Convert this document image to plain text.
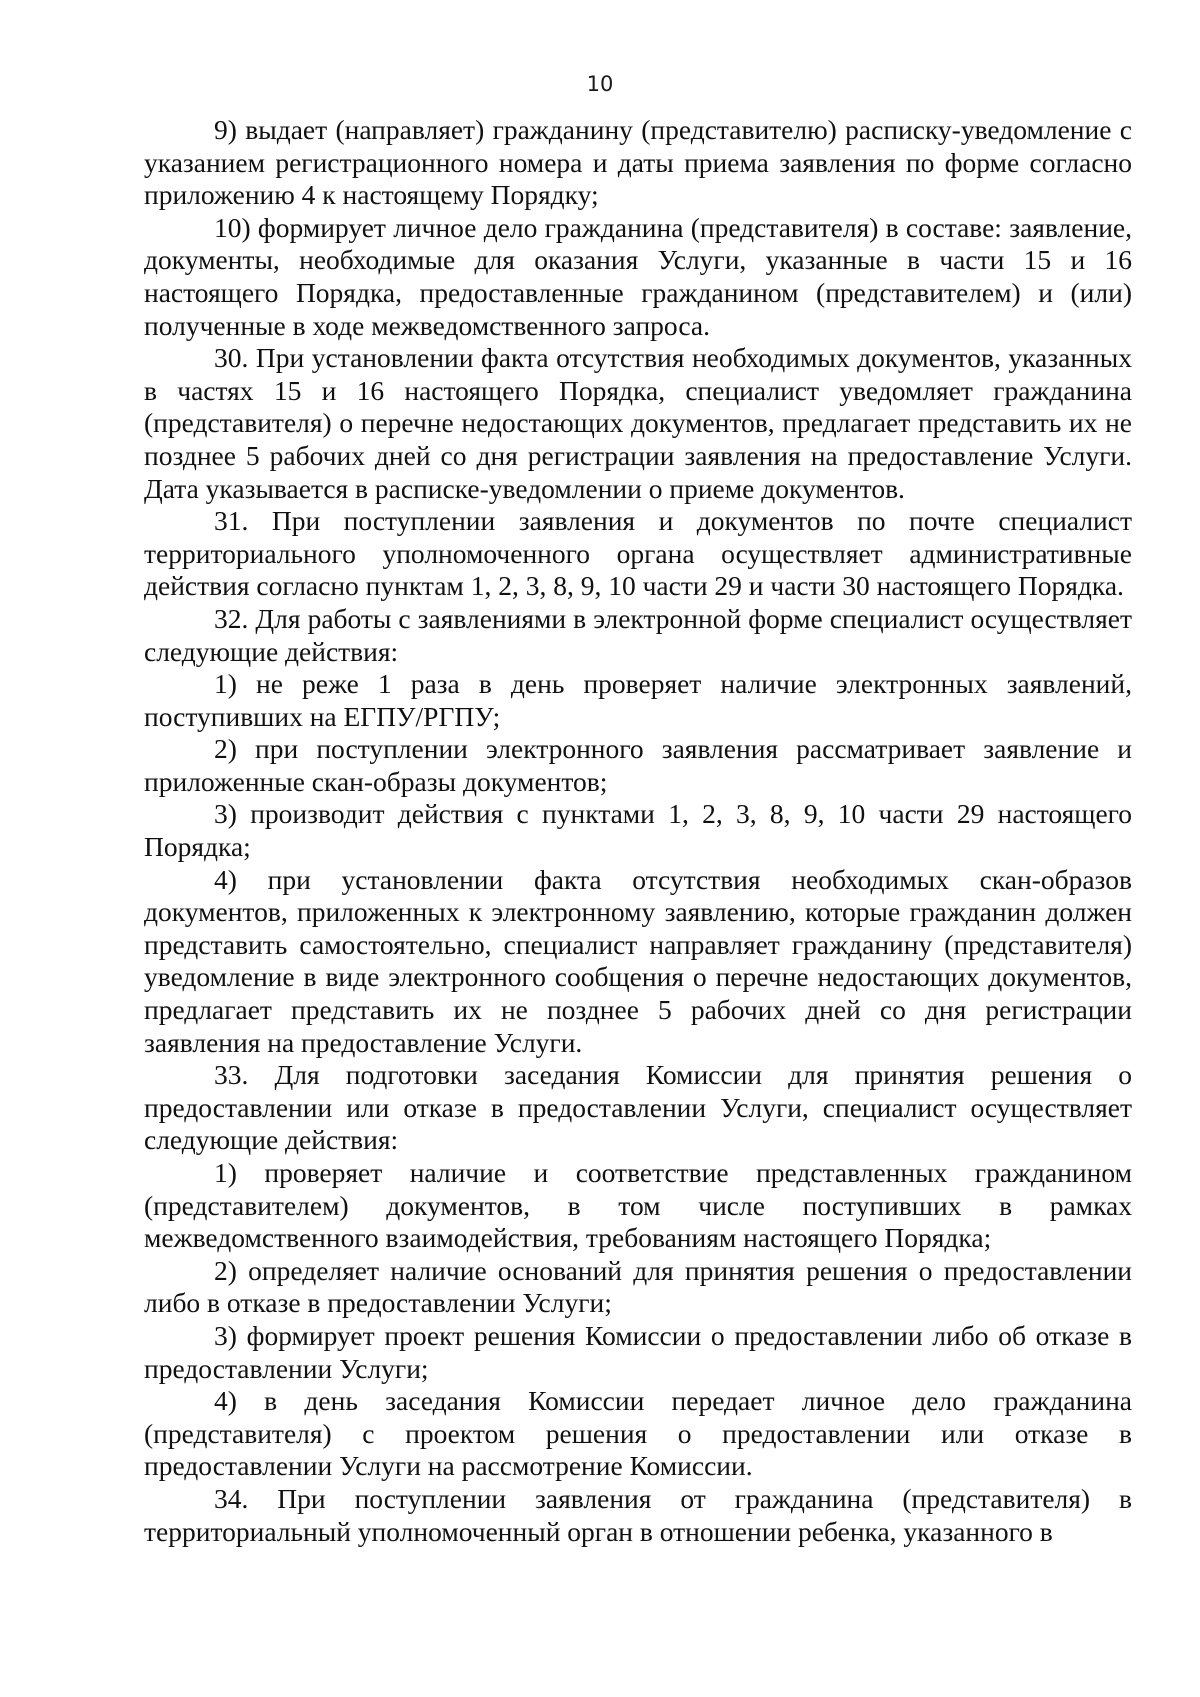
10

9) выдает (направляет) гражданину (представителю) расписку-уведомление с указанием регистрационного номера и даты приема заявления по форме согласно приложению 4 к настоящему Порядку;

10) формирует личное дело гражданина (представителя) в составе: заявление, документы, необходимые для оказания Услуги, указанные в части 15 и 16 настоящего Порядка, предоставленные гражданином (представителем) и (или) полученные в ходе межведомственного запроса.

30. При установлении факта отсутствия необходимых документов, указанных в частях 15 и 16 настоящего Порядка, специалист уведомляет гражданина (представителя) о перечне недостающих документов, предлагает представить их не позднее 5 рабочих дней со дня регистрации заявления на предоставление Услуги. Дата указывается в расписке-уведомлении о приеме документов.

31. При поступлении заявления и документов по почте специалист территориального уполномоченного органа осуществляет административные действия согласно пунктам 1, 2, 3, 8, 9, 10 части 29 и части 30 настоящего Порядка.

32. Для работы с заявлениями в электронной форме специалист осуществляет следующие действия:

1) не реже 1 раза в день проверяет наличие электронных заявлений, поступивших на ЕГПУ/РГПУ;

2) при поступлении электронного заявления рассматривает заявление и приложенные скан-образы документов;

3) производит действия с пунктами 1, 2, 3, 8, 9, 10 части 29 настоящего Порядка;

4) при установлении факта отсутствия необходимых скан-образов документов, приложенных к электронному заявлению, которые гражданин должен представить самостоятельно, специалист направляет гражданину (представителя) уведомление в виде электронного сообщения о перечне недостающих документов, предлагает представить их не позднее 5 рабочих дней со дня регистрации заявления на предоставление Услуги.

33. Для подготовки заседания Комиссии для принятия решения о предоставлении или отказе в предоставлении Услуги, специалист осуществляет следующие действия:

1) проверяет наличие и соответствие представленных гражданином (представителем) документов, в том числе поступивших в рамках межведомственного взаимодействия, требованиям настоящего Порядка;

2) определяет наличие оснований для принятия решения о предоставлении либо в отказе в предоставлении Услуги;

3) формирует проект решения Комиссии о предоставлении либо об отказе в предоставлении Услуги;

4) в день заседания Комиссии передает личное дело гражданина (представителя) с проектом решения о предоставлении или отказе в предоставлении Услуги на рассмотрение Комиссии.

34. При поступлении заявления от гражданина (представителя) в территориальный уполномоченный орган в отношении ребенка, указанного в
